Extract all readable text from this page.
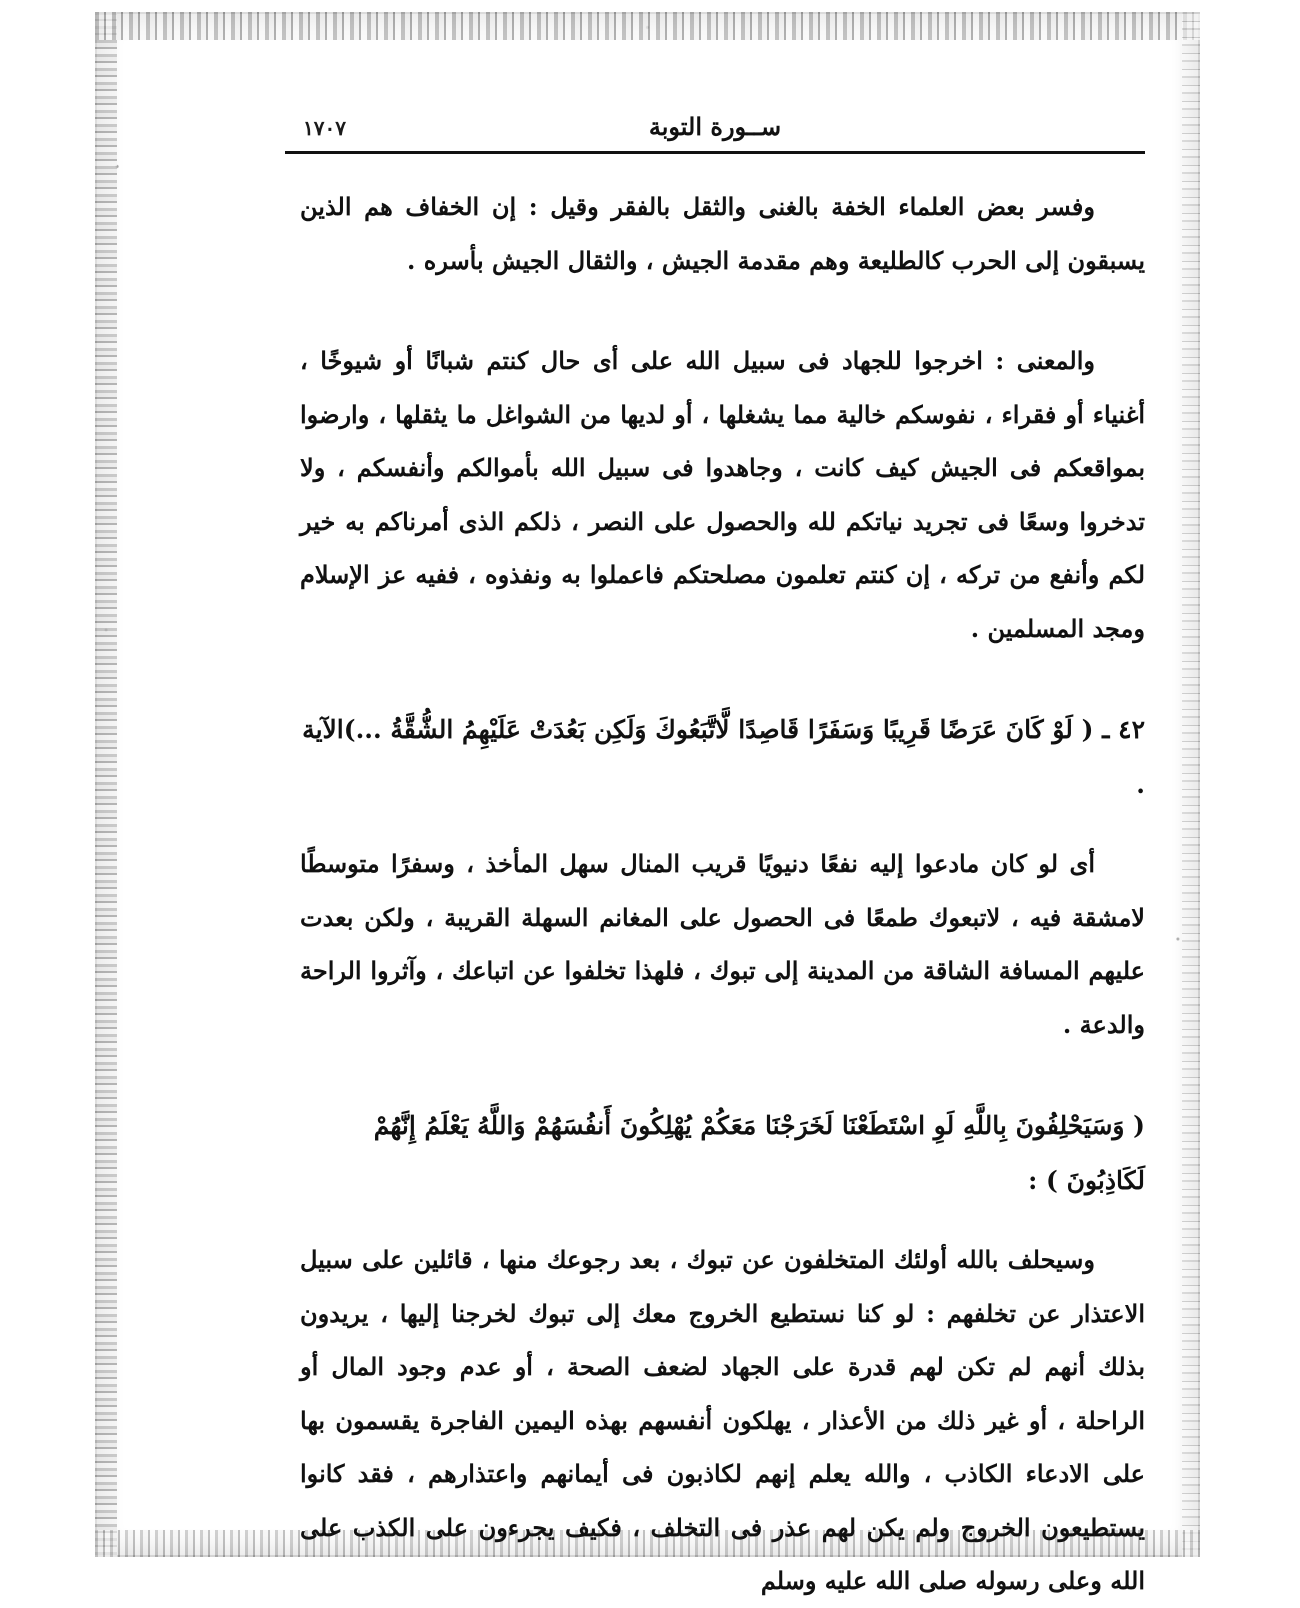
١٧٠٧	ســورة التوبة

وفسر بعض العلماء الخفة بالغنى والثقل بالفقر وقيل : إن الخفاف هم الذين يسبقون إلى الحرب كالطليعة وهم مقدمة الجيش ، والثقال الجيش بأسره .

والمعنى : اخرجوا للجهاد فى سبيل الله على أى حال كنتم شبانًا أو شيوخًا ، أغنياء أو فقراء ، نفوسكم خالية مما يشغلها ، أو لديها من الشواغل ما يثقلها ، وارضوا بمواقعكم فى الجيش كيف كانت ، وجاهدوا فى سبيل الله بأموالكم وأنفسكم ، ولا تدخروا وسعًا فى تجريد نياتكم لله والحصول على النصر ، ذلكم الذى أمرناكم به خير لكم وأنفع من تركه ، إن كنتم تعلمون مصلحتكم فاعملوا به ونفذوه ، ففيه عز الإسلام ومجد المسلمين .

٤٢ ـ ( لَوْ كَانَ عَرَضًا قَرِيبًا وَسَفَرًا قَاصِدًا لَّاتَّبَعُوكَ وَلَكِن بَعُدَتْ عَلَيْهِمُ الشُّقَّةُ ...)الآية .

أى لو كان مادعوا إليه نفعًا دنيويًا قريب المنال سهل المأخذ ، وسفرًا متوسطًا لامشقة فيه ، لاتبعوك طمعًا فى الحصول على المغانم السهلة القريبة ، ولكن بعدت عليهم المسافة الشاقة من المدينة إلى تبوك ، فلهذا تخلفوا عن اتباعك ، وآثروا الراحة والدعة .

( وَسَيَحْلِفُونَ بِاللَّهِ لَوِ اسْتَطَعْنَا لَخَرَجْنَا مَعَكُمْ يُهْلِكُونَ أَنفُسَهُمْ وَاللَّهُ يَعْلَمُ إِنَّهُمْ لَكَاذِبُونَ ) :

وسيحلف بالله أولئك المتخلفون عن تبوك ، بعد رجوعك منها ، قائلين على سبيل الاعتذار عن تخلفهم : لو كنا نستطيع الخروج معك إلى تبوك لخرجنا إليها ، يريدون بذلك أنهم لم تكن لهم قدرة على الجهاد لضعف الصحة ، أو عدم وجود المال أو الراحلة ، أو غير ذلك من الأعذار ، يهلكون أنفسهم بهذه اليمين الفاجرة يقسمون بها على الادعاء الكاذب ، والله يعلم إنهم لكاذبون فى أيمانهم واعتذارهم ، فقد كانوا يستطيعون الخروج ولم يكن لهم عذر فى التخلف ، فكيف يجرءون على الكذب على الله وعلى رسوله صلى الله عليه وسلم
